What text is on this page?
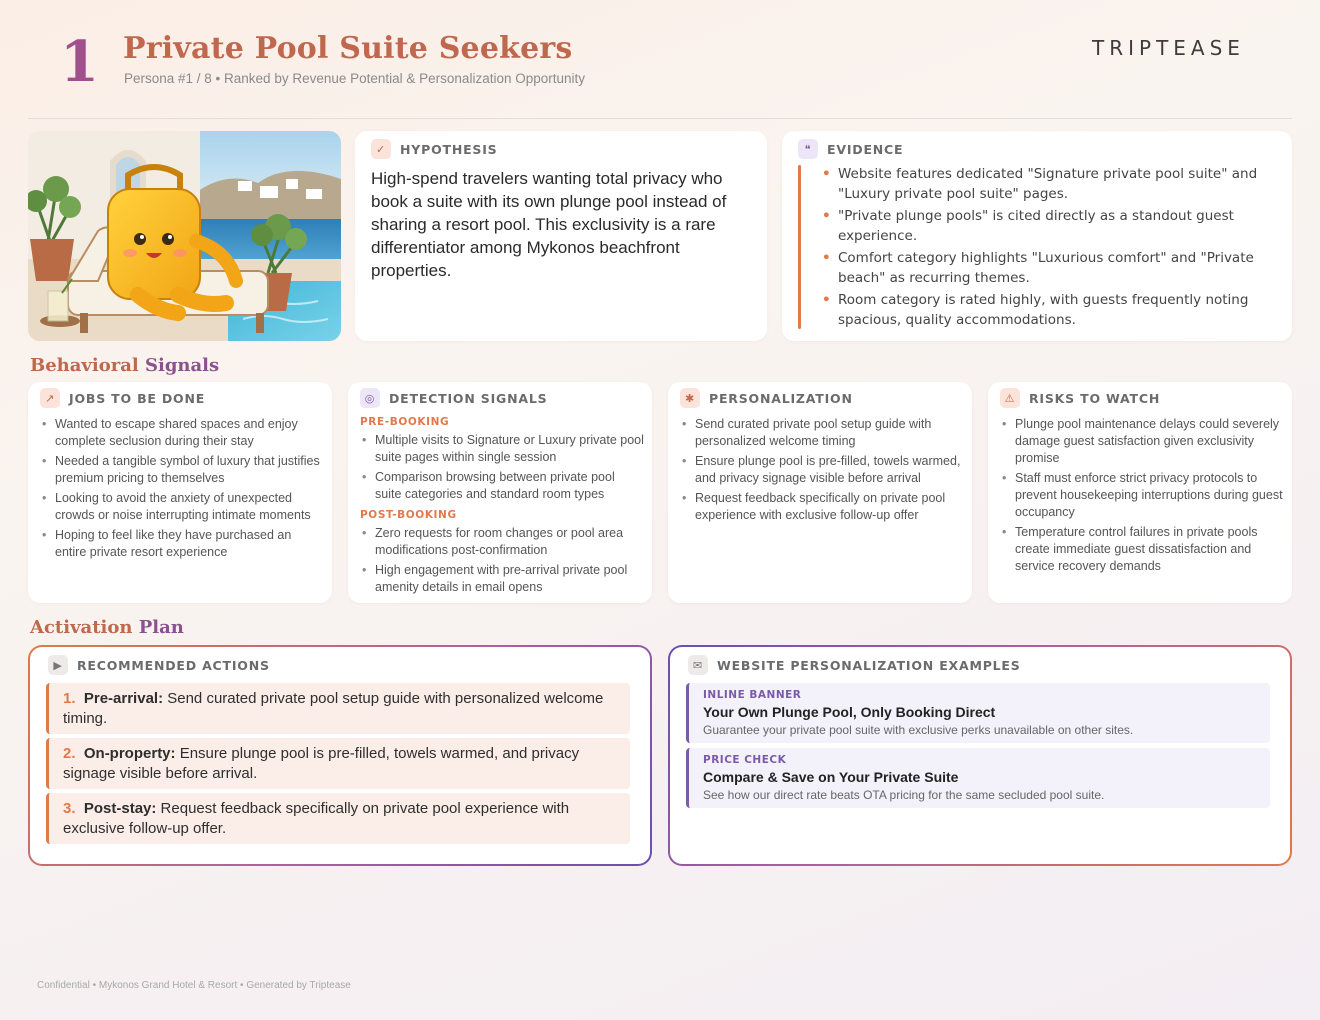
1 Private Pool Suite Seekers
Persona #1 / 8 • Ranked by Revenue Potential & Personalization Opportunity
TRIPTEASE
✓	HYPOTHESIS
High-spend travelers wanting total privacy who book a suite with its own plunge pool instead of sharing a resort pool. This exclusivity is a rare differentiator among Mykonos beachfront properties.
❝	EVIDENCE
• Website features dedicated "Signature private pool suite" and "Luxury private pool suite" pages.
• "Private plunge pools" is cited directly as a standout guest experience.
• Comfort category highlights "Luxurious comfort" and "Private beach" as recurring themes.
• Room category is rated highly, with guests frequently noting spacious, quality accommodations.
Behavioral Signals
↗	JOBS TO BE DONE
• Wanted to escape shared spaces and enjoy complete seclusion during their stay
• Needed a tangible symbol of luxury that justifies premium pricing to themselves
• Looking to avoid the anxiety of unexpected crowds or noise interrupting intimate moments
• Hoping to feel like they have purchased an entire private resort experience
◎	DETECTION SIGNALS
PRE-BOOKING
• Multiple visits to Signature or Luxury private pool suite pages within single session
• Comparison browsing between private pool suite categories and standard room types
POST-BOOKING
• Zero requests for room changes or pool area modifications post-confirmation
• High engagement with pre-arrival private pool amenity details in email opens
✱	PERSONALIZATION
• Send curated private pool setup guide with personalized welcome timing
• Ensure plunge pool is pre-filled, towels warmed, and privacy signage visible before arrival
• Request feedback specifically on private pool experience with exclusive follow-up offer
⚠	RISKS TO WATCH
• Plunge pool maintenance delays could severely damage guest satisfaction given exclusivity promise
• Staff must enforce strict privacy protocols to prevent housekeeping interruptions during guest occupancy
• Temperature control failures in private pools create immediate guest dissatisfaction and service recovery demands
Activation Plan
▶	RECOMMENDED ACTIONS
1. Pre-arrival: Send curated private pool setup guide with personalized welcome timing.
2. On-property: Ensure plunge pool is pre-filled, towels warmed, and privacy signage visible before arrival.
3. Post-stay: Request feedback specifically on private pool experience with exclusive follow-up offer.
✉	WEBSITE PERSONALIZATION EXAMPLES
INLINE BANNER
Your Own Plunge Pool, Only Booking Direct
Guarantee your private pool suite with exclusive perks unavailable on other sites.
PRICE CHECK
Compare & Save on Your Private Suite
See how our direct rate beats OTA pricing for the same secluded pool suite.
Confidential • Mykonos Grand Hotel & Resort • Generated by Triptease
